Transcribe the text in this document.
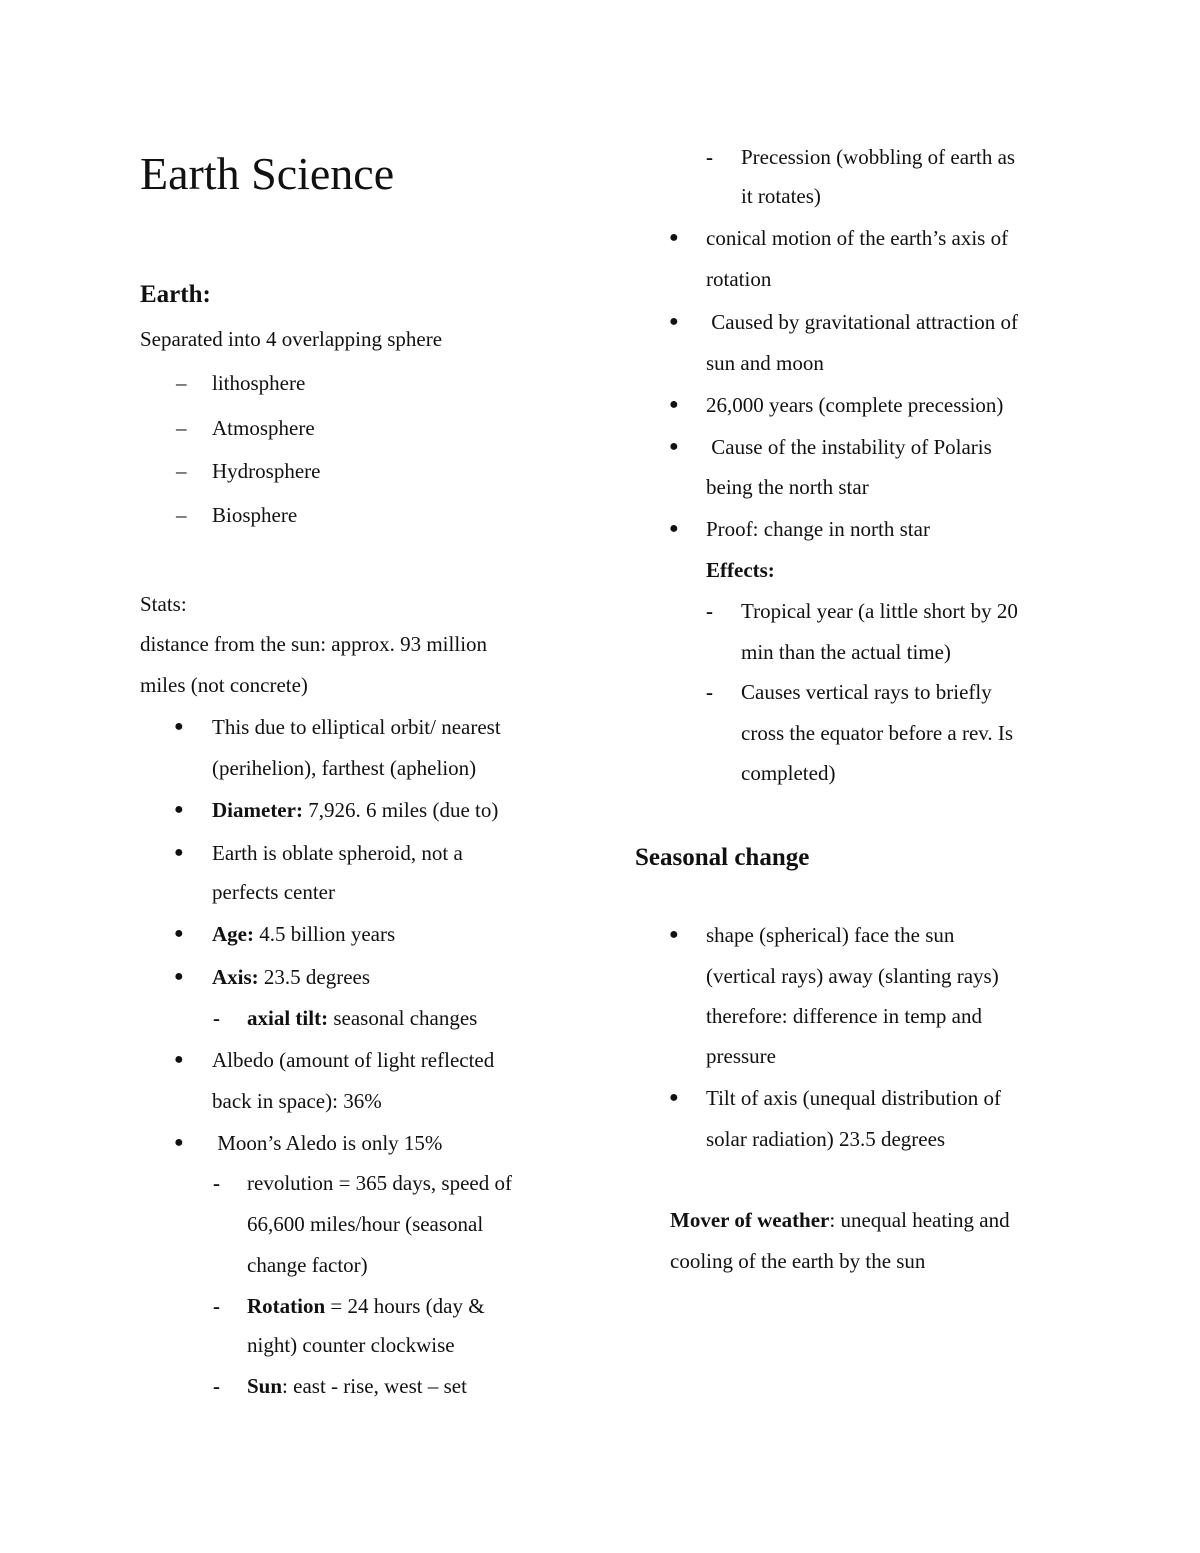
Earth Science
Earth:
Separated into 4 overlapping sphere
– lithosphere
– Atmosphere
– Hydrosphere
– Biosphere
Stats:
distance from the sun: approx. 93 million
miles (not concrete)
● This due to elliptical orbit/ nearest
(perihelion), farthest (aphelion)
● Diameter: 7,926. 6 miles (due to)
● Earth is oblate spheroid, not a
perfects center
● Age: 4.5 billion years
● Axis: 23.5 degrees
- axial tilt: seasonal changes
● Albedo (amount of light reflected
back in space): 36%
● Moon’s Aledo is only 15%
- revolution = 365 days, speed of
66,600 miles/hour (seasonal
change factor)
- Rotation = 24 hours (day &
night) counter clockwise
- Sun: east - rise, west – set
- Precession (wobbling of earth as
it rotates)
● conical motion of the earth’s axis of
rotation
● Caused by gravitational attraction of
sun and moon
● 26,000 years (complete precession)
● Cause of the instability of Polaris
being the north star
● Proof: change in north star
Effects:
- Tropical year (a little short by 20
min than the actual time)
- Causes vertical rays to briefly
cross the equator before a rev. Is
completed)
Seasonal change
● shape (spherical) face the sun
(vertical rays) away (slanting rays)
therefore: difference in temp and
pressure
● Tilt of axis (unequal distribution of
solar radiation) 23.5 degrees
Mover of weather: unequal heating and
cooling of the earth by the sun
